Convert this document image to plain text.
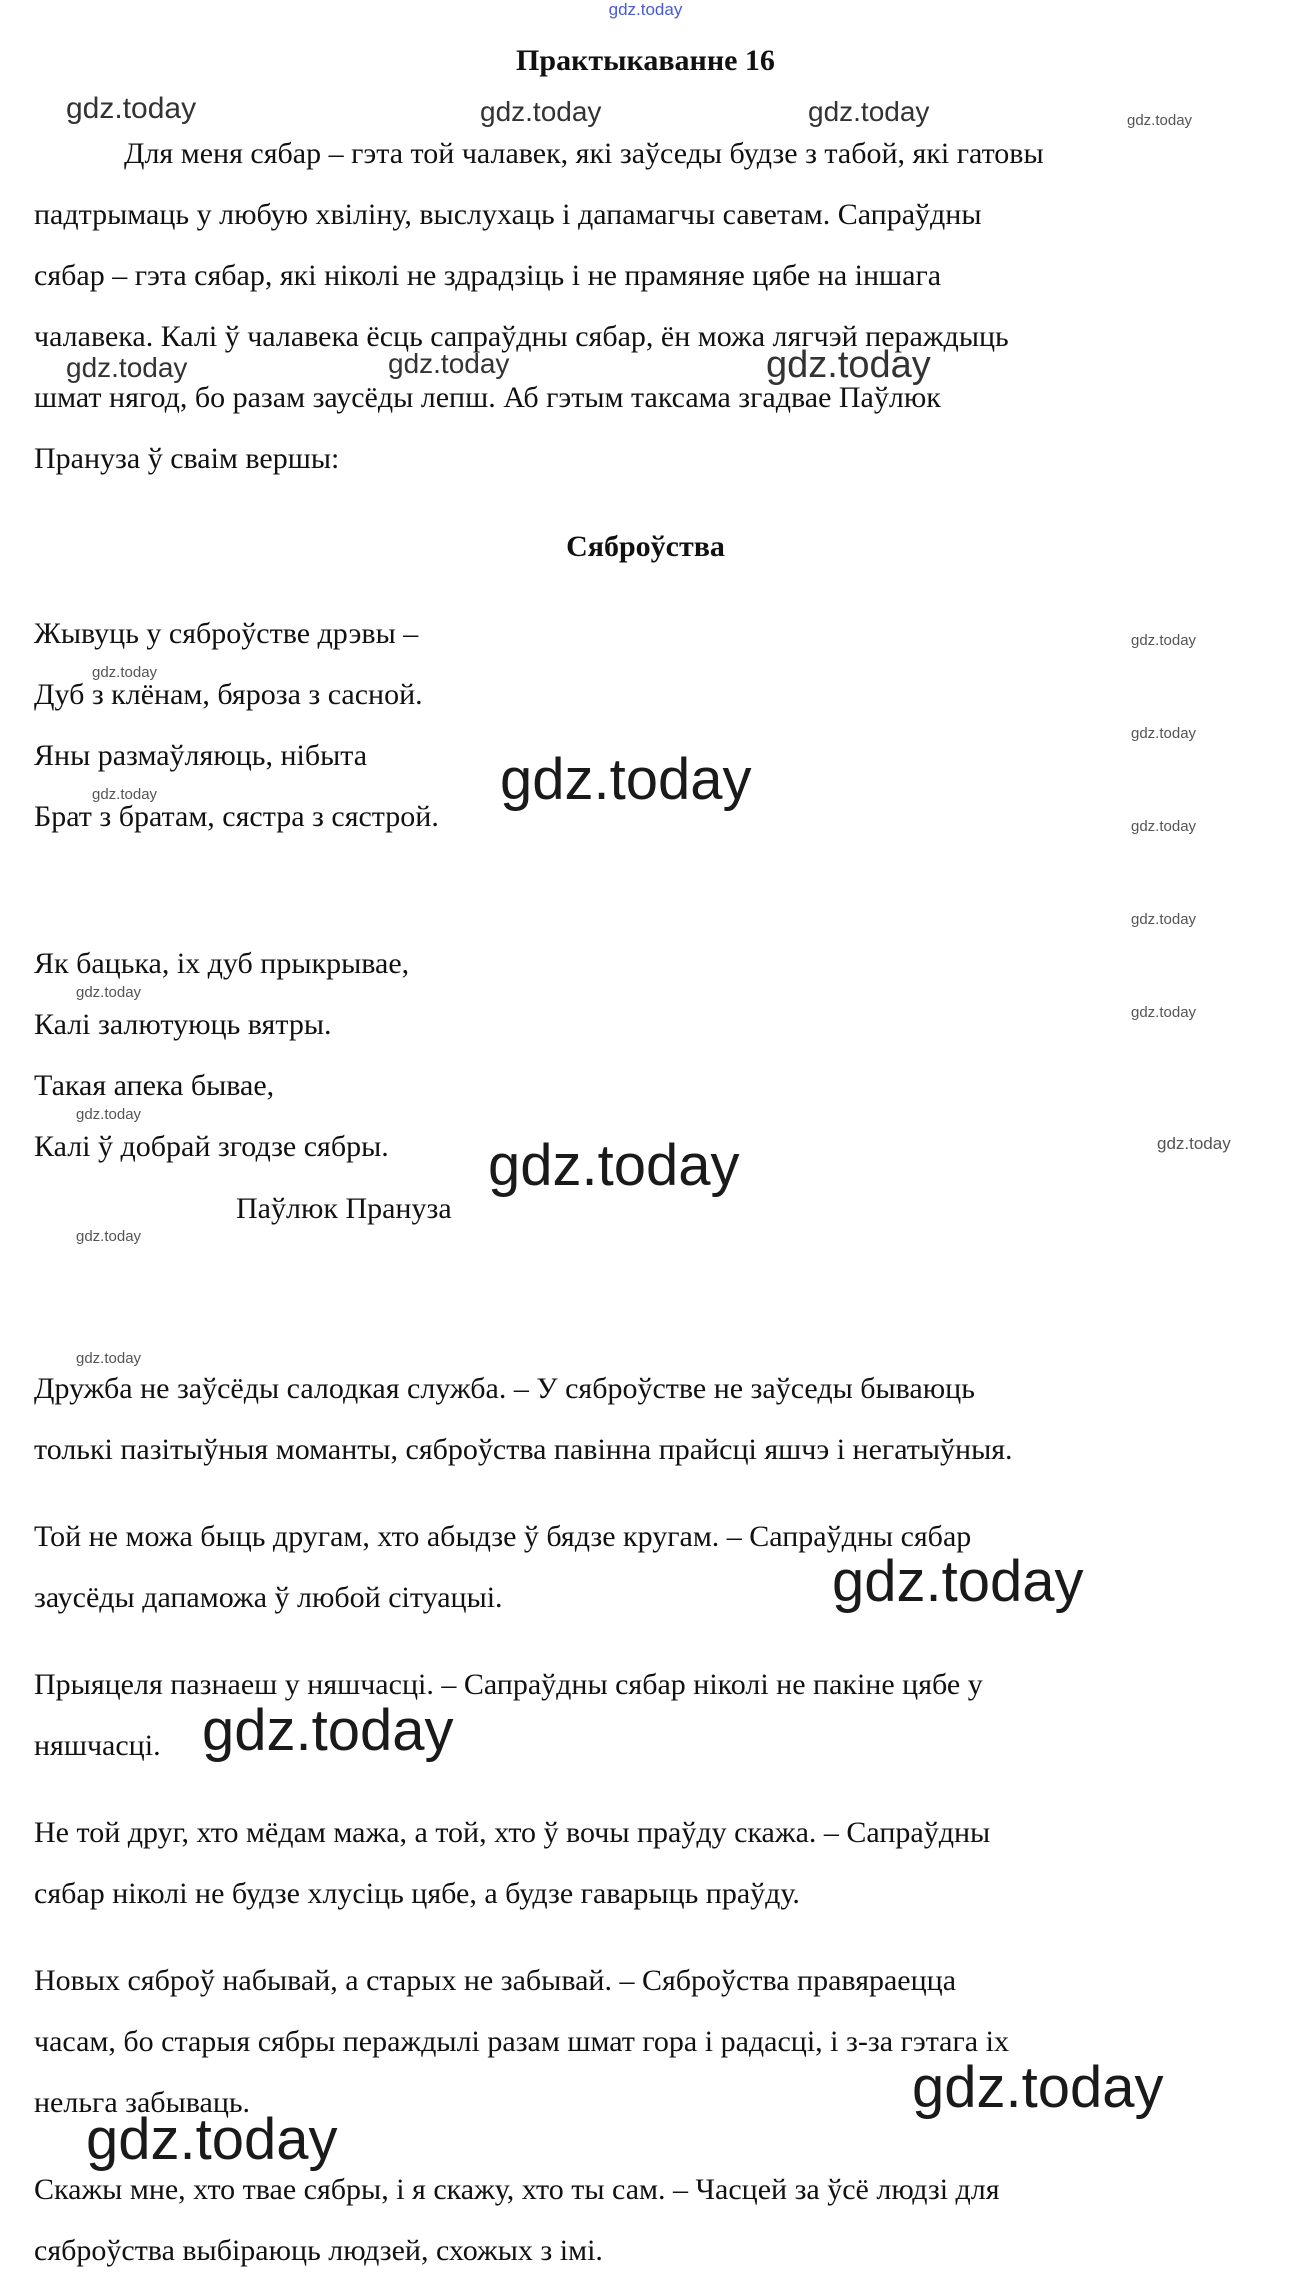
gdz.today
Практыкаванне 16
Для меня сябар – гэта той чалавек, які заўседы будзе з табой, які гатовы
падтрымаць у любую хвіліну, выслухаць і дапамагчы саветам. Сапраўдны
сябар – гэта сябар, які ніколі не здрадзіць і не прамяняе цябе на іншага
чалавека. Калі ў чалавека ёсць сапраўдны сябар, ён можа лягчэй пераждыць
шмат нягод, бо разам заусёды лепш. Аб гэтым таксама згадвае Паўлюк
Пранузa ў сваім вершы:
Сяброўства
Жывуць у сяброўстве дрэвы –
Дуб з клёнам, бяроза з сасной.
Яны размаўляюць, нібыта
Брат з братам, сястра з сястрой.
Як бацька, іх дуб прыкрывае,
Калі залютуюць вятры.
Такая апека бывае,
Калі ў добрай згодзе сябры.
Паўлюк Пранузa
Дружба не заўсёды салодкая служба. – У сяброўстве не заўседы бываюць
толькі пазітыўныя моманты, сяброўства павінна прайсці яшчэ і негатыўныя.
Той не можа быць другам, хто абыдзе ў бядзе кругам. – Сапраўдны сябар
заусёды дапаможа ў любой сітуацыі.
Прыяцеля пазнаеш у няшчасці. – Сапраўдны сябар ніколі не пакіне цябе у
няшчасці.
Не той друг, хто мёдам мажа, а той, хто ў вочы праўду скажа. – Сапраўдны
сябар ніколі не будзе хлусіць цябе, а будзе гаварыць праўду.
Новых сяброў набывай, а старых не забывай. – Сяброўства правяраецца
часам, бо старыя сябры пераждылі разам шмат гора і радасці, і з-за гэтага іх
нельга забываць.
Скажы мне, хто твае сябры, і я скажу, хто ты сам. – Часцей за ўсё людзі для
сяброўства выбіраюць людзей, схожых з імі.
gdz.today	gdz.today	gdz.today	gdz.today
gdz.today	gdz.today	gdz.today
gdz.today
gdz.today
gdz.today
gdz.today
gdz.today
gdz.today
gdz.today
gdz.today
gdz.today
gdz.today
gdz.today	gdz.today
gdz.today
gdz.today
gdz.today
gdz.today
gdz.today
gdz.today
